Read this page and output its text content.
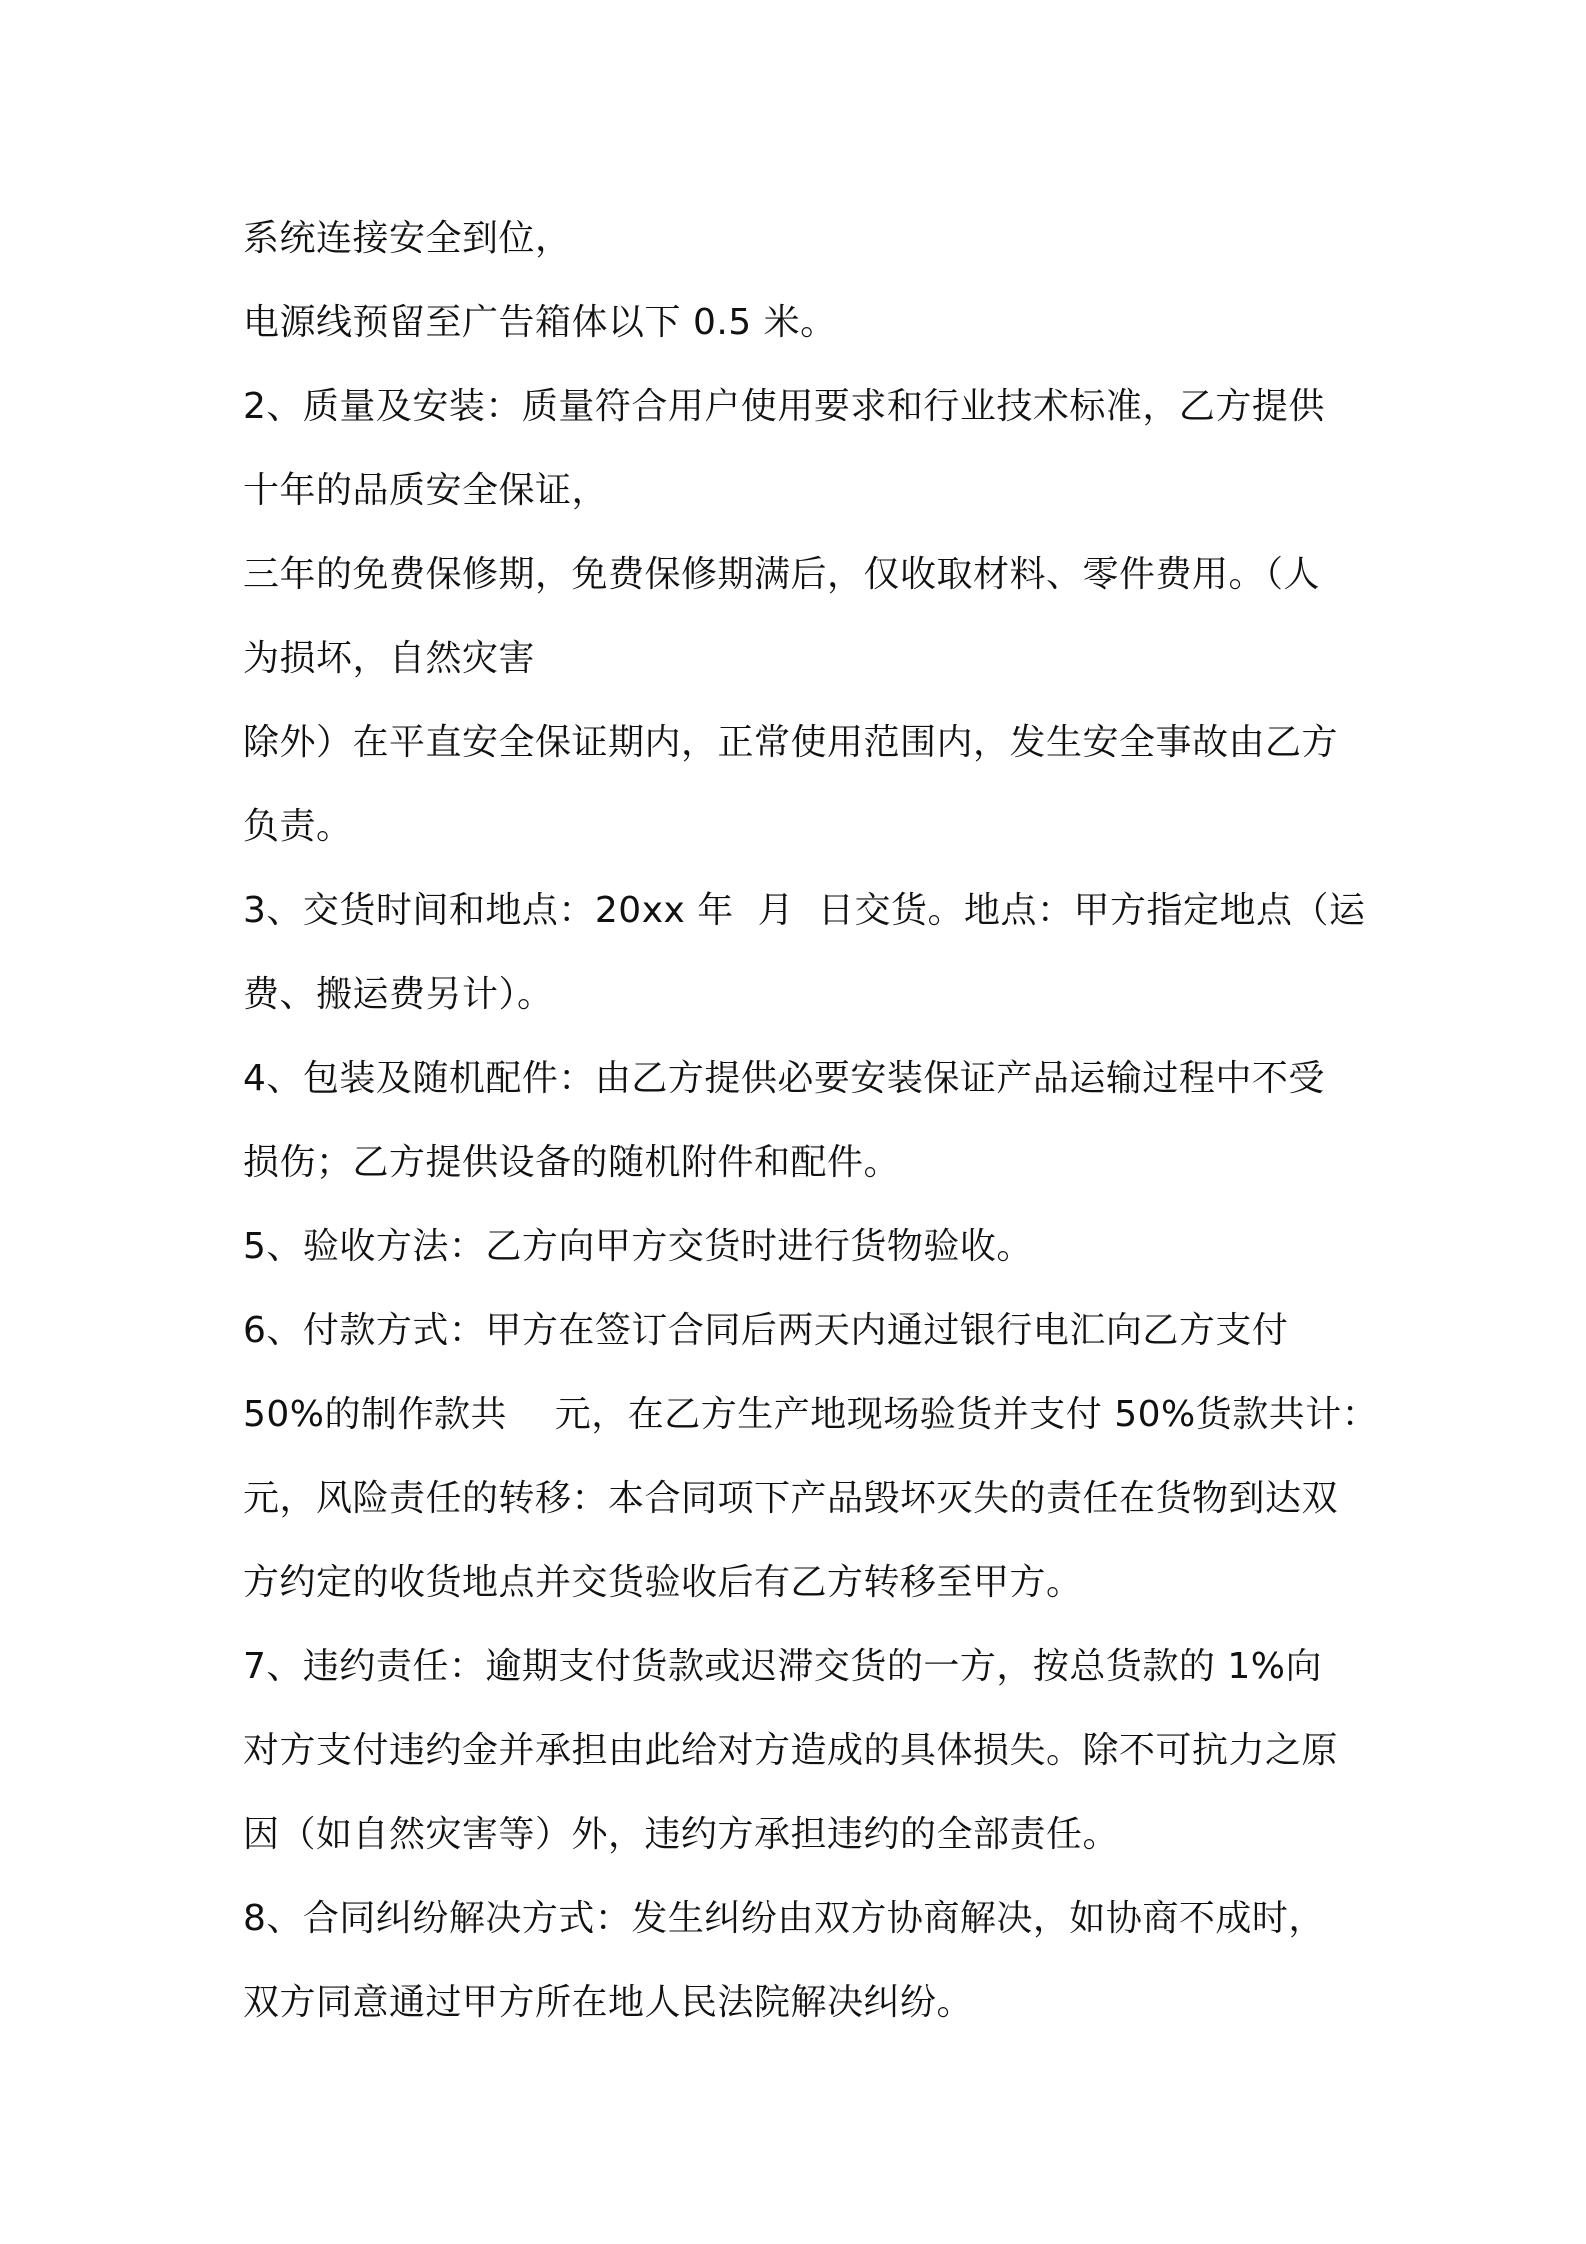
系统连接安全到位，
电源线预留至广告箱体以下 0.5 米。
2、质量及安装：质量符合用户使用要求和行业技术标准，乙方提供
十年的品质安全保证，
三年的免费保修期，免费保修期满后，仅收取材料、零件费用。（人
为损坏，自然灾害
除外）在平直安全保证期内，正常使用范围内，发生安全事故由乙方
负责。
3、交货时间和地点：20xx 年  月  日交货。地点：甲方指定地点（运
费、搬运费另计）。
4、包装及随机配件：由乙方提供必要安装保证产品运输过程中不受
损伤；乙方提供设备的随机附件和配件。
5、验收方法：乙方向甲方交货时进行货物验收。
6、付款方式：甲方在签订合同后两天内通过银行电汇向乙方支付
50%的制作款共    元，在乙方生产地现场验货并支付 50%货款共计：
元，风险责任的转移：本合同项下产品毁坏灭失的责任在货物到达双
方约定的收货地点并交货验收后有乙方转移至甲方。
7、违约责任：逾期支付货款或迟滞交货的一方，按总货款的 1%向
对方支付违约金并承担由此给对方造成的具体损失。除不可抗力之原
因（如自然灾害等）外，违约方承担违约的全部责任。
8、合同纠纷解决方式：发生纠纷由双方协商解决，如协商不成时，
双方同意通过甲方所在地人民法院解决纠纷。
